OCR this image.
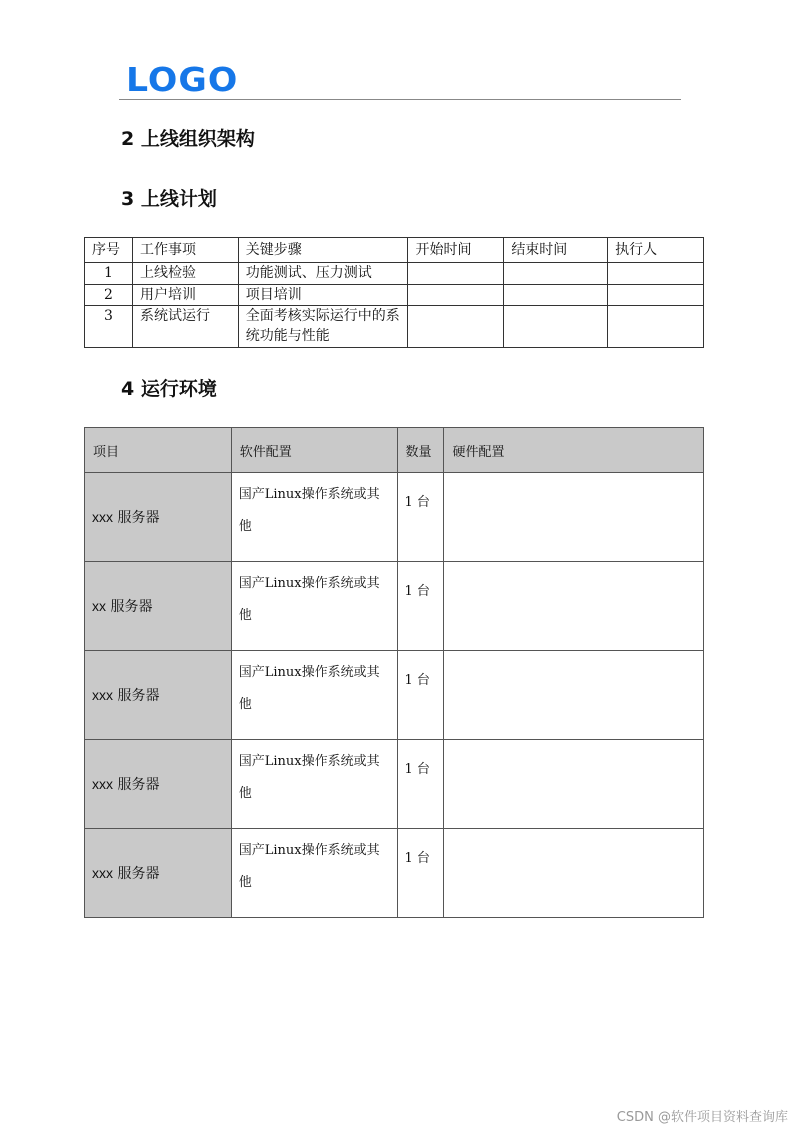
LOGO
2 上线组织架构
3 上线计划
序号	工作事项	关键步骤	开始时间	结束时间	执行人
1	上线检验	功能测试、压力测试			
2	用户培训	项目培训			
3	系统试运行	全面考核实际运行中的系统功能与性能			
4 运行环境
项目	软件配置	数量	硬件配置
xxx 服务器	国产Linux操作系统或其他	1 台	
xx 服务器	国产Linux操作系统或其他	1 台	
xxx 服务器	国产Linux操作系统或其他	1 台	
xxx 服务器	国产Linux操作系统或其他	1 台	
xxx 服务器	国产Linux操作系统或其他	1 台	
CSDN @软件项目资料查询库
